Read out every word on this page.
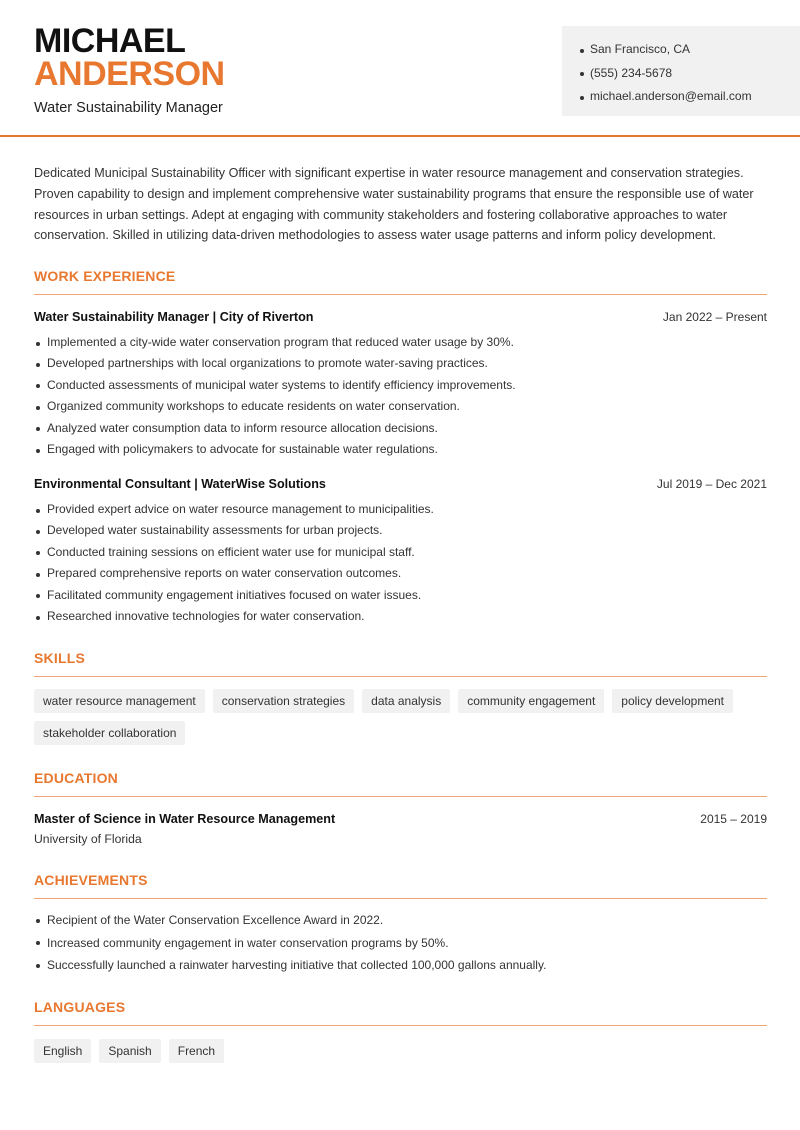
MICHAEL
ANDERSON
Water Sustainability Manager
San Francisco, CA
(555) 234-5678
michael.anderson@email.com

Dedicated Municipal Sustainability Officer with significant expertise in water resource management and conservation strategies. Proven capability to design and implement comprehensive water sustainability programs that ensure the responsible use of water resources in urban settings. Adept at engaging with community stakeholders and fostering collaborative approaches to water conservation. Skilled in utilizing data-driven methodologies to assess water usage patterns and inform policy development.

WORK EXPERIENCE
Water Sustainability Manager | City of Riverton	Jan 2022 – Present
Implemented a city-wide water conservation program that reduced water usage by 30%.
Developed partnerships with local organizations to promote water-saving practices.
Conducted assessments of municipal water systems to identify efficiency improvements.
Organized community workshops to educate residents on water conservation.
Analyzed water consumption data to inform resource allocation decisions.
Engaged with policymakers to advocate for sustainable water regulations.
Environmental Consultant | WaterWise Solutions	Jul 2019 – Dec 2021
Provided expert advice on water resource management to municipalities.
Developed water sustainability assessments for urban projects.
Conducted training sessions on efficient water use for municipal staff.
Prepared comprehensive reports on water conservation outcomes.
Facilitated community engagement initiatives focused on water issues.
Researched innovative technologies for water conservation.
SKILLS
water resource management conservation strategies data analysis community engagement policy developmentstakeholder collaboration
EDUCATION
Master of Science in Water Resource Management	2015 – 2019
University of Florida
ACHIEVEMENTS
Recipient of the Water Conservation Excellence Award in 2022.
Increased community engagement in water conservation programs by 50%.
Successfully launched a rainwater harvesting initiative that collected 100,000 gallons annually.
LANGUAGES
English Spanish French
